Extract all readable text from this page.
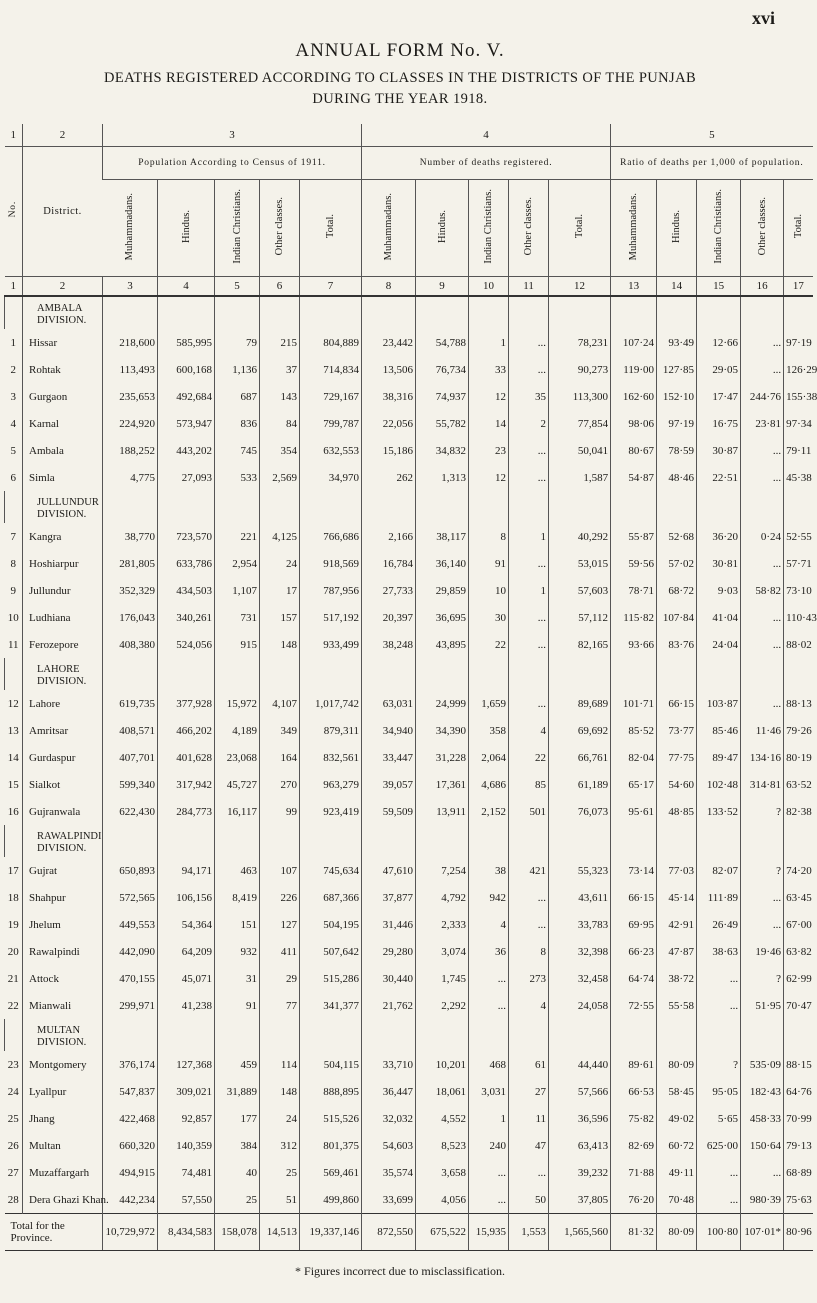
xvi
ANNUAL FORM No. V.
DEATHS REGISTERED ACCORDING TO CLASSES IN THE DISTRICTS OF THE PUNJAB
DURING THE YEAR 1918.
1	2	3					4					5				
No.	District.	Population According to Census of 1911.					Number of deaths registered.					Ratio of deaths per 1,000 of population.				
		Muhammadans.	Hindus.	Indian Christians.	Other classes.	Total.	Muhammadans.	Hindus.	Indian Christians.	Other classes.	Total.	Muhammadans.	Hindus.	Indian Christians.	Other classes.	Total.
1	2	3	4	5	6	7	8	9	10	11	12	13	14	15	16	17
	AMBALA DIVISION.															
1	Hissar	218,600	585,995	79	215	804,889	23,442	54,788	1	...	78,231	107·24	93·49	12·66	...	97·19
2	Rohtak	113,493	600,168	1,136	37	714,834	13,506	76,734	33	...	90,273	119·00	127·85	29·05	...	126·29
3	Gurgaon	235,653	492,684	687	143	729,167	38,316	74,937	12	35	113,300	162·60	152·10	17·47	244·76	155·38
4	Karnal	224,920	573,947	836	84	799,787	22,056	55,782	14	2	77,854	98·06	97·19	16·75	23·81	97·34
5	Ambala	188,252	443,202	745	354	632,553	15,186	34,832	23	...	50,041	80·67	78·59	30·87	...	79·11
6	Simla	4,775	27,093	533	2,569	34,970	262	1,313	12	...	1,587	54·87	48·46	22·51	...	45·38
	JULLUNDUR DIVISION.															
7	Kangra	38,770	723,570	221	4,125	766,686	2,166	38,117	8	1	40,292	55·87	52·68	36·20	0·24	52·55
8	Hoshiarpur	281,805	633,786	2,954	24	918,569	16,784	36,140	91	...	53,015	59·56	57·02	30·81	...	57·71
9	Jullundur	352,329	434,503	1,107	17	787,956	27,733	29,859	10	1	57,603	78·71	68·72	9·03	58·82	73·10
10	Ludhiana	176,043	340,261	731	157	517,192	20,397	36,695	30	...	57,112	115·82	107·84	41·04	...	110·43
11	Ferozepore	408,380	524,056	915	148	933,499	38,248	43,895	22	...	82,165	93·66	83·76	24·04	...	88·02
	LAHORE DIVISION.															
12	Lahore	619,735	377,928	15,972	4,107	1,017,742	63,031	24,999	1,659	...	89,689	101·71	66·15	103·87	...	88·13
13	Amritsar	408,571	466,202	4,189	349	879,311	34,940	34,390	358	4	69,692	85·52	73·77	85·46	11·46	79·26
14	Gurdaspur	407,701	401,628	23,068	164	832,561	33,447	31,228	2,064	22	66,761	82·04	77·75	89·47	134·16	80·19
15	Sialkot	599,340	317,942	45,727	270	963,279	39,057	17,361	4,686	85	61,189	65·17	54·60	102·48	314·81	63·52
16	Gujranwala	622,430	284,773	16,117	99	923,419	59,509	13,911	2,152	501	76,073	95·61	48·85	133·52	?	82·38
	RAWALPINDI DIVISION.															
17	Gujrat	650,893	94,171	463	107	745,634	47,610	7,254	38	421	55,323	73·14	77·03	82·07	?	74·20
18	Shahpur	572,565	106,156	8,419	226	687,366	37,877	4,792	942	...	43,611	66·15	45·14	111·89	...	63·45
19	Jhelum	449,553	54,364	151	127	504,195	31,446	2,333	4	...	33,783	69·95	42·91	26·49	...	67·00
20	Rawalpindi	442,090	64,209	932	411	507,642	29,280	3,074	36	8	32,398	66·23	47·87	38·63	19·46	63·82
21	Attock	470,155	45,071	31	29	515,286	30,440	1,745	...	273	32,458	64·74	38·72	...	?	62·99
22	Mianwali	299,971	41,238	91	77	341,377	21,762	2,292	...	4	24,058	72·55	55·58	...	51·95	70·47
	MULTAN DIVISION.															
23	Montgomery	376,174	127,368	459	114	504,115	33,710	10,201	468	61	44,440	89·61	80·09	?	535·09	88·15
24	Lyallpur	547,837	309,021	31,889	148	888,895	36,447	18,061	3,031	27	57,566	66·53	58·45	95·05	182·43	64·76
25	Jhang	422,468	92,857	177	24	515,526	32,032	4,552	1	11	36,596	75·82	49·02	5·65	458·33	70·99
26	Multan	660,320	140,359	384	312	801,375	54,603	8,523	240	47	63,413	82·69	60·72	625·00	150·64	79·13
27	Muzaffargarh	494,915	74,481	40	25	569,461	35,574	3,658	...	...	39,232	71·88	49·11	...	...	68·89
28	Dera Ghazi Khan.	442,234	57,550	25	51	499,860	33,699	4,056	...	50	37,805	76·20	70·48	...	980·39	75·63
Total for the Province.		10,729,972	8,434,583	158,078	14,513	19,337,146	872,550	675,522	15,935	1,553	1,565,560	81·32	80·09	100·80	107·01*	80·96
* Figures incorrect due to misclassification.
